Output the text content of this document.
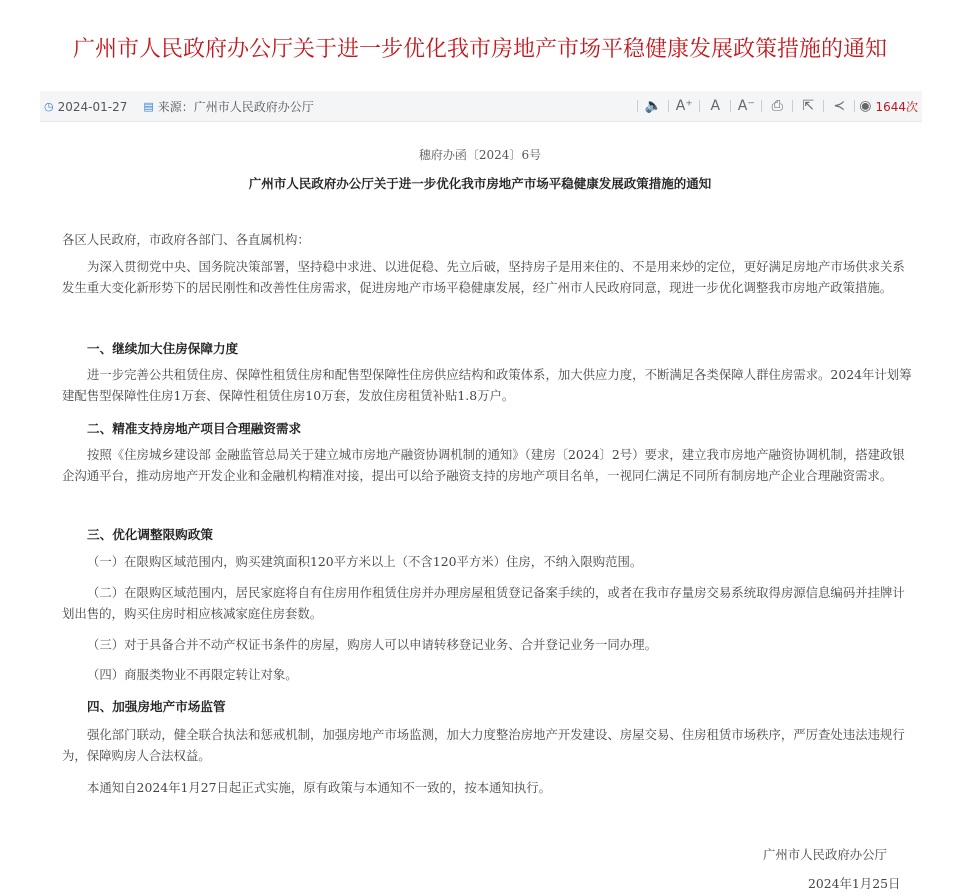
广州市人民政府办公厅关于进一步优化我市房地产市场平稳健康发展政策措施的通知
◷ 2024-01-27 ▤ 来源： 广州市人民政府办公厅	🔈 A⁺	A	A⁻	⎙	⇱	≺	◉ 1644次
穗府办函〔2024〕6号
广州市人民政府办公厅关于进一步优化我市房地产市场平稳健康发展政策措施的通知
各区人民政府，市政府各部门、各直属机构：
为深入贯彻党中央、国务院决策部署，坚持稳中求进、以进促稳、先立后破，坚持房子是用来住的、不是用来炒的定位，更好满足房地产市场供求关系发生重大变化新形势下的居民刚性和改善性住房需求，促进房地产市场平稳健康发展，经广州市人民政府同意，现进一步优化调整我市房地产政策措施。
一、继续加大住房保障力度
进一步完善公共租赁住房、保障性租赁住房和配售型保障性住房供应结构和政策体系，加大供应力度，不断满足各类保障人群住房需求。2024年计划筹建配售型保障性住房1万套、保障性租赁住房10万套，发放住房租赁补贴1.8万户。
二、精准支持房地产项目合理融资需求
按照《住房城乡建设部 金融监管总局关于建立城市房地产融资协调机制的通知》（建房〔2024〕2号）要求，建立我市房地产融资协调机制，搭建政银企沟通平台，推动房地产开发企业和金融机构精准对接，提出可以给予融资支持的房地产项目名单，一视同仁满足不同所有制房地产企业合理融资需求。
三、优化调整限购政策
（一）在限购区域范围内，购买建筑面积120平方米以上（不含120平方米）住房，不纳入限购范围。
（二）在限购区域范围内，居民家庭将自有住房用作租赁住房并办理房屋租赁登记备案手续的，或者在我市存量房交易系统取得房源信息编码并挂牌计划出售的，购买住房时相应核减家庭住房套数。
（三）对于具备合并不动产权证书条件的房屋，购房人可以申请转移登记业务、合并登记业务一同办理。
（四）商服类物业不再限定转让对象。
四、加强房地产市场监管
强化部门联动，健全联合执法和惩戒机制，加强房地产市场监测，加大力度整治房地产开发建设、房屋交易、住房租赁市场秩序，严厉查处违法违规行为，保障购房人合法权益。
本通知自2024年1月27日起正式实施，原有政策与本通知不一致的，按本通知执行。
广州市人民政府办公厅
2024年1月25日
